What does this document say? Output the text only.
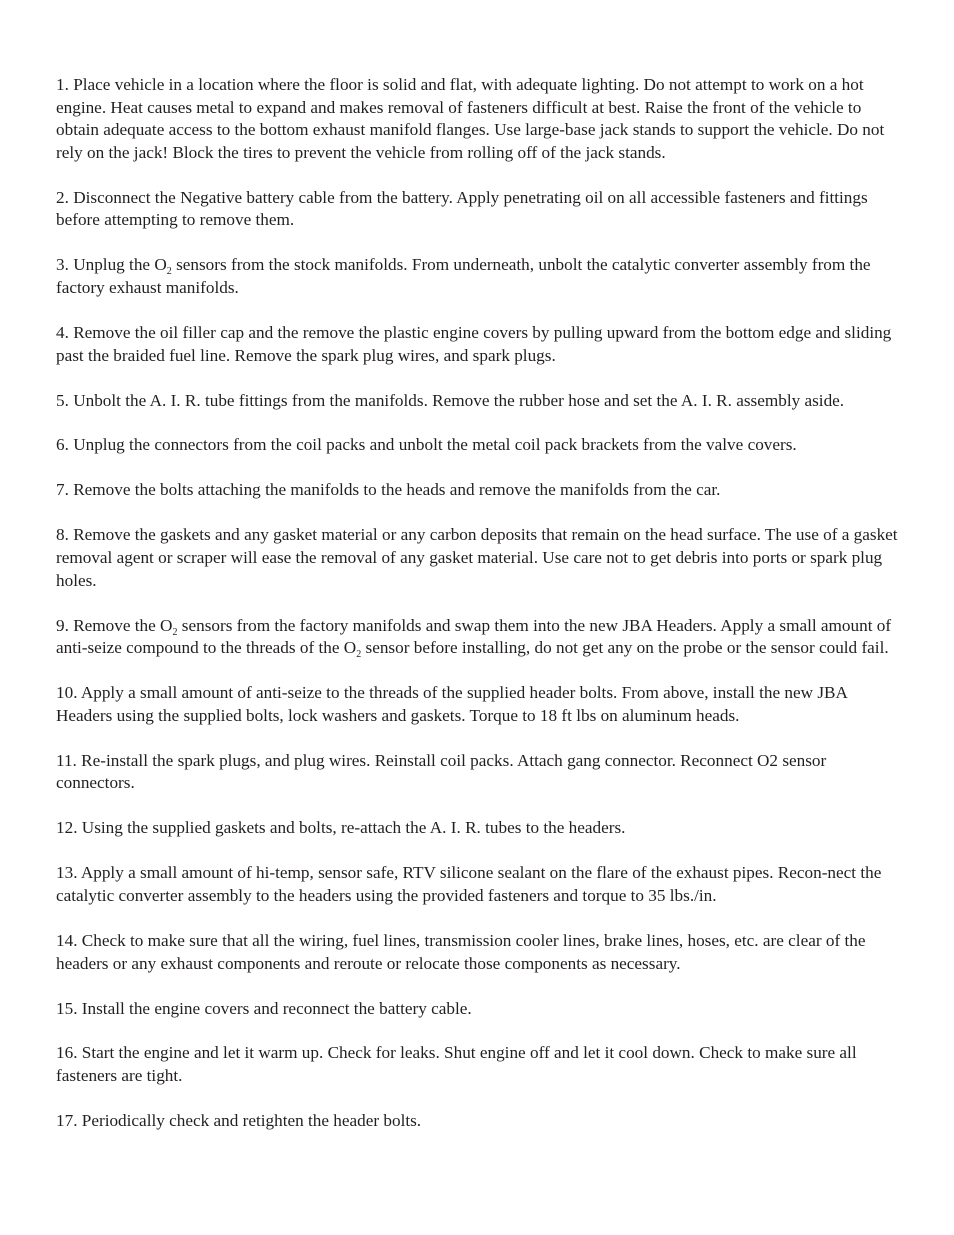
1. Place vehicle in a location where the floor is solid and flat, with adequate lighting. Do not attempt to work on a hot engine. Heat causes metal to expand and makes removal of fasteners difficult at best. Raise the front of the vehicle to obtain adequate access to the bottom exhaust manifold flanges. Use large-base jack stands to support the vehicle. Do not rely on the jack! Block the tires to prevent the vehicle from rolling off of the jack stands.

2. Disconnect the Negative battery cable from the battery. Apply penetrating oil on all accessible fasteners and fittings before attempting to remove them.

3. Unplug the $O_2$ sensors from the stock manifolds. From underneath, unbolt the catalytic converter assembly from the factory exhaust manifolds.

4. Remove the oil filler cap and the remove the plastic engine covers by pulling upward from the bottom edge and sliding past the braided fuel line. Remove the spark plug wires, and spark plugs.

5. Unbolt the A. I. R. tube fittings from the manifolds. Remove the rubber hose and set the A. I. R. assembly aside.

6. Unplug the connectors from the coil packs and unbolt the metal coil pack brackets from the valve covers.

7. Remove the bolts attaching the manifolds to the heads and remove the manifolds from the car.

8. Remove the gaskets and any gasket material or any carbon deposits that remain on the head surface. The use of a gasket removal agent or scraper will ease the removal of any gasket material. Use care not to get debris into ports or spark plug holes.

9. Remove the $O_2$ sensors from the factory manifolds and swap them into the new JBA Headers. Apply a small amount of anti-seize compound to the threads of the $O_2$ sensor before installing, do not get any on the probe or the sensor could fail.

10. Apply a small amount of anti-seize to the threads of the supplied header bolts. From above, install the new JBA Headers using the supplied bolts, lock washers and gaskets. Torque to 18 ft lbs on aluminum heads.

11. Re-install the spark plugs, and plug wires. Reinstall coil packs. Attach gang connector. Reconnect O2 sensor connectors.

12. Using the supplied gaskets and bolts, re-attach the A. I. R. tubes to the headers.

13. Apply a small amount of hi-temp, sensor safe, RTV silicone sealant on the flare of the exhaust pipes. Recon-nect the catalytic converter assembly to the headers using the provided fasteners and torque to 35 lbs./in.

14. Check to make sure that all the wiring, fuel lines, transmission cooler lines, brake lines, hoses, etc. are clear of the headers or any exhaust components and reroute or relocate those components as necessary.

15. Install the engine covers and reconnect the battery cable.

16. Start the engine and let it warm up. Check for leaks. Shut engine off and let it cool down. Check to make sure all fasteners are tight.

17. Periodically check and retighten the header bolts.
